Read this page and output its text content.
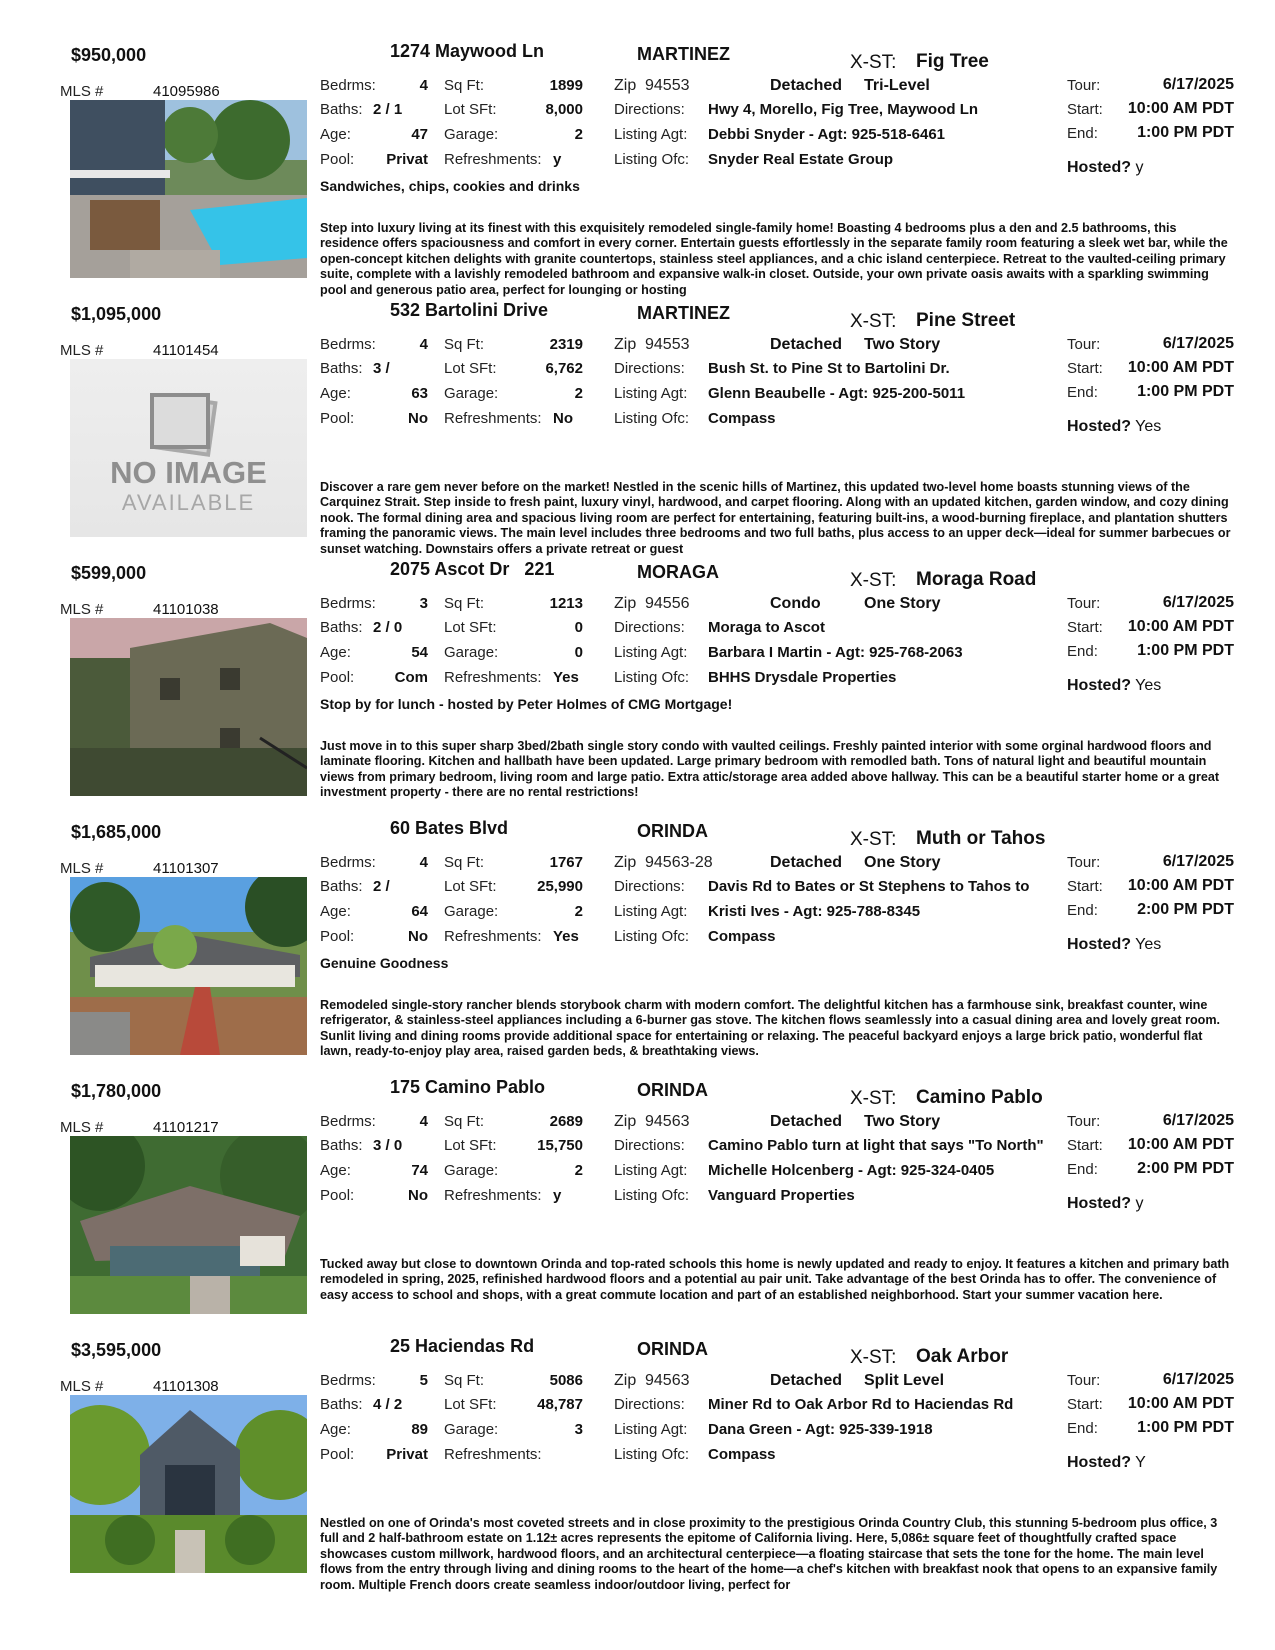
$950,000	1274 Maywood Ln	MARTINEZ	X-ST: Fig Tree
MLS #	41095986	Bedrms:	4
Baths: 2 / 1
Age:	47
Pool:	Privat
Sq Ft:	1899
Lot SFt:	8,000
Garage:	2
Refreshments: y
Zip 94553	Detached Tri-Level
Directions: Hwy 4, Morello, Fig Tree, Maywood Ln
Listing Agt: Debbi Snyder - Agt: 925-518-6461
Listing Ofc: Snyder Real Estate Group
Tour:	6/17/2025
Start:	10:00 AM PDT
End:	1:00 PM PDT
Hosted? y
Sandwiches, chips, cookies and drinks
Step into luxury living at its finest with this exquisitely remodeled single-family home! Boasting 4 bedrooms plus a den and 2.5 bathrooms, this residence offers spaciousness and comfort in every corner. Entertain guests effortlessly in the separate family room featuring a sleek wet bar, while the open-concept kitchen delights with granite countertops, stainless steel appliances, and a chic island centerpiece. Retreat to the vaulted-ceiling primary suite, complete with a lavishly remodeled bathroom and expansive walk-in closet. Outside, your own private oasis awaits with a sparkling swimming pool and generous patio area, perfect for lounging or hosting
$1,095,000	532 Bartolini Drive	MARTINEZ	X-ST: Pine Street
MLS #	41101454
NO IMAGE
AVAILABLE
Bedrms:	4
Baths: 3 /
Age:	63
Pool:	No
Sq Ft:	2319
Lot SFt:	6,762
Garage:	2
Refreshments: No
Zip 94553	Detached Two Story
Directions: Bush St. to Pine St to Bartolini Dr.
Listing Agt: Glenn Beaubelle - Agt: 925-200-5011
Listing Ofc: Compass
Tour:	6/17/2025
Start:	10:00 AM PDT
End:	1:00 PM PDT
Hosted? Yes
Discover a rare gem never before on the market! Nestled in the scenic hills of Martinez, this updated two-level home boasts stunning views of the Carquinez Strait. Step inside to fresh paint, luxury vinyl, hardwood, and carpet flooring. Along with an updated kitchen, garden window, and cozy dining nook. The formal dining area and spacious living room are perfect for entertaining, featuring built-ins, a wood-burning fireplace, and plantation shutters framing the panoramic views. The main level includes three bedrooms and two full baths, plus access to an upper deck—ideal for summer barbecues or sunset watching. Downstairs offers a private retreat or guest
$599,000	2075 Ascot Dr   221	MORAGA	X-ST: Moraga Road
MLS #	41101038	Bedrms:	3
Baths: 2 / 0
Age:	54
Pool:	Com
Sq Ft:	1213
Lot SFt:	0
Garage:	0
Refreshments: Yes
Zip 94556	Condo	One Story
Directions: Moraga to Ascot
Listing Agt: Barbara I Martin - Agt: 925-768-2063
Listing Ofc: BHHS Drysdale Properties
Tour:	6/17/2025
Start:	10:00 AM PDT
End:	1:00 PM PDT
Hosted? Yes
Stop by for lunch - hosted by Peter Holmes of CMG Mortgage!
Just move in to this super sharp 3bed/2bath single story condo with vaulted ceilings. Freshly painted interior with some orginal hardwood floors and laminate flooring. Kitchen and hallbath have been updated. Large primary bedroom with remodled bath. Tons of natural light and beautiful mountain views from primary bedroom, living room and large patio. Extra attic/storage area added above hallway. This can be a beautiful starter home or a great investment property - there are no rental restrictions!
$1,685,000	60 Bates Blvd	ORINDA	X-ST: Muth or Tahos
MLS #	41101307	Bedrms:	4
Baths: 2 /
Age:	64
Pool:	No
Sq Ft:	1767
Lot SFt:	25,990
Garage:	2
Refreshments: Yes
Zip 94563-28	Detached One Story
Directions: Davis Rd to Bates or St Stephens to Tahos to
Listing Agt: Kristi Ives - Agt: 925-788-8345
Listing Ofc: Compass
Tour:	6/17/2025
Start:	10:00 AM PDT
End:	2:00 PM PDT
Hosted? Yes
Genuine Goodness
Remodeled single-story rancher blends storybook charm with modern comfort. The delightful kitchen has a farmhouse sink, breakfast counter, wine refrigerator, & stainless-steel appliances including a 6-burner gas stove. The kitchen flows seamlessly into a casual dining area and lovely great room. Sunlit living and dining rooms provide additional space for entertaining or relaxing. The peaceful backyard enjoys a large brick patio, wonderful flat lawn, ready-to-enjoy play area, raised garden beds, & breathtaking views.
$1,780,000	175 Camino Pablo	ORINDA	X-ST: Camino Pablo
MLS #	41101217	Bedrms:	4
Baths: 3 / 0
Age:	74
Pool:	No
Sq Ft:	2689
Lot SFt:	15,750
Garage:	2
Refreshments: y
Zip 94563	Detached Two Story
Directions: Camino Pablo turn at light that says "To North"
Listing Agt: Michelle Holcenberg - Agt: 925-324-0405
Listing Ofc: Vanguard Properties
Tour:	6/17/2025
Start:	10:00 AM PDT
End:	2:00 PM PDT
Hosted? y
Tucked away but close to downtown Orinda and top-rated schools this home is newly updated and ready to enjoy. It features a kitchen and primary bath remodeled in spring, 2025, refinished hardwood floors and a potential au pair unit. Take advantage of the best Orinda has to offer. The convenience of easy access to school and shops, with a great commute location and part of an established neighborhood. Start your summer vacation here.
$3,595,000	25 Haciendas Rd	ORINDA	X-ST: Oak Arbor
MLS #	41101308	Bedrms:	5
Baths: 4 / 2
Age:	89
Pool:	Privat
Sq Ft:	5086
Lot SFt:	48,787
Garage:	3
Refreshments:
Zip 94563	Detached Split Level
Directions: Miner Rd to Oak Arbor Rd to Haciendas Rd
Listing Agt: Dana Green - Agt: 925-339-1918
Listing Ofc: Compass
Tour:	6/17/2025
Start:	10:00 AM PDT
End:	1:00 PM PDT
Hosted? Y
Nestled on one of Orinda's most coveted streets and in close proximity to the prestigious Orinda Country Club, this stunning 5-bedroom plus office, 3 full and 2 half-bathroom estate on 1.12± acres represents the epitome of California living. Here, 5,086± square feet of thoughtfully crafted space showcases custom millwork, hardwood floors, and an architectural centerpiece—a floating staircase that sets the tone for the home. The main level flows from the entry through living and dining rooms to the heart of the home—a chef's kitchen with breakfast nook that opens to an expansive family room. Multiple French doors create seamless indoor/outdoor living, perfect for
